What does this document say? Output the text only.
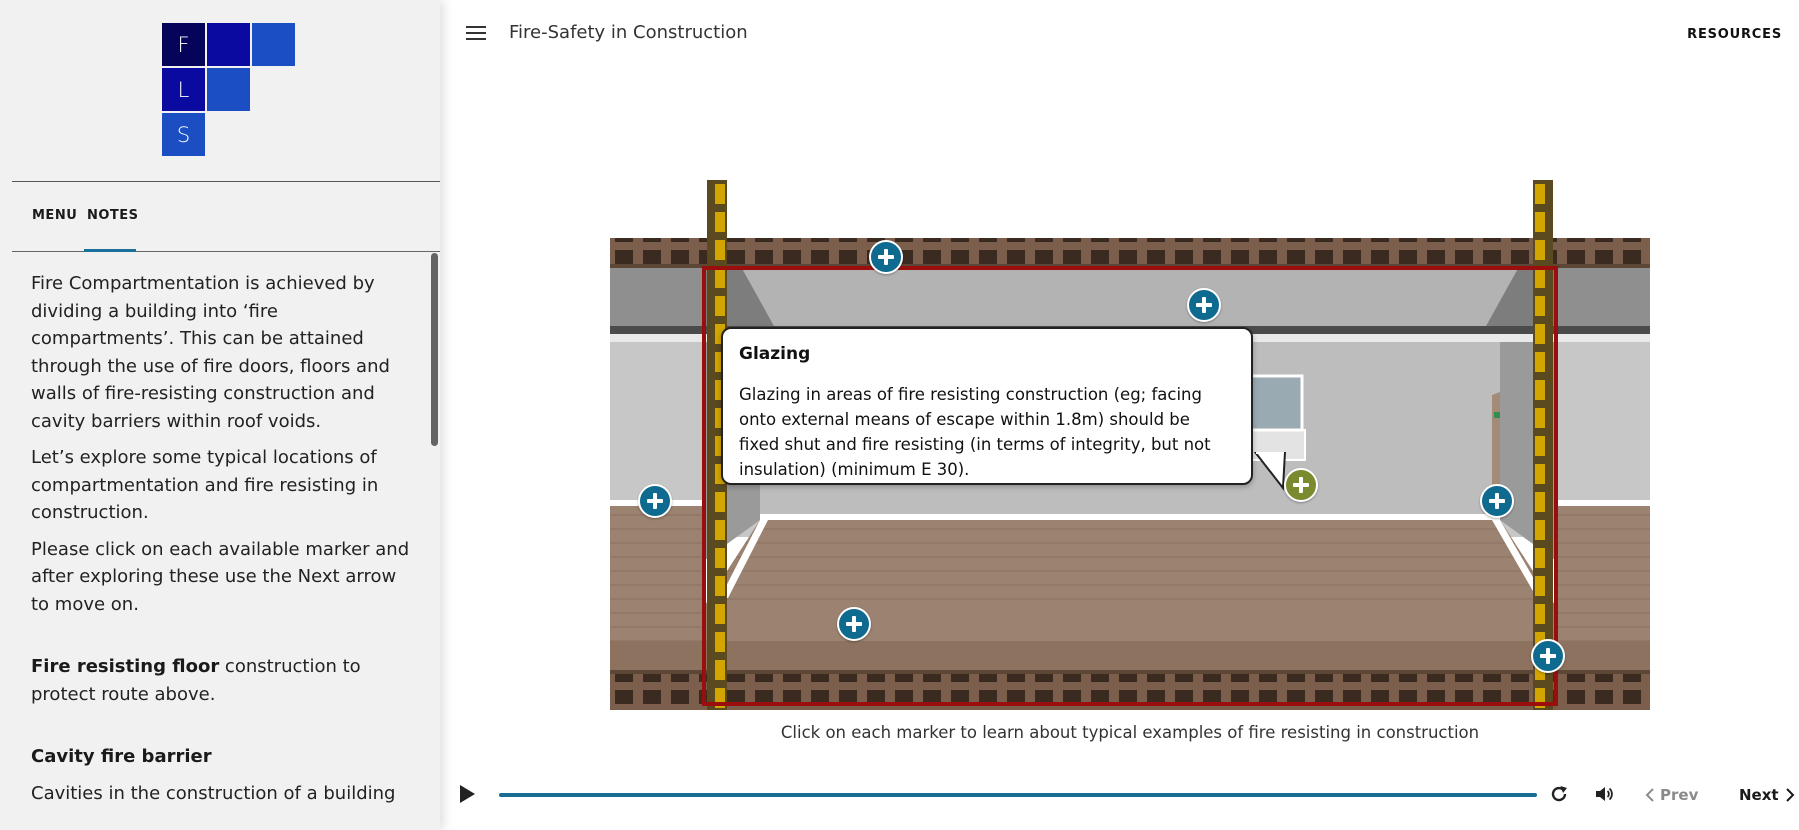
F
L
S
MENU NOTES

Fire Compartmentation is achieved by dividing a building into ‘fire compartments’. This can be attained through the use of fire doors, floors and walls of fire-resisting construction and cavity barriers within roof voids.

Let’s explore some typical locations of compartmentation and fire resisting in construction.

Please click on each available marker and after exploring these use the Next arrow to move on.

Fire resisting floor construction to protect route above.

Cavity fire barrier

Cavities in the construction of a building

Fire-Safety in Construction	RESOURCES

Glazing

Glazing in areas of fire resisting construction (eg; facing onto external means of escape within 1.8m) should be fixed shut and fire resisting (in terms of integrity, but not insulation) (minimum E 30).

Click on each marker to learn about typical examples of fire resisting in construction
Prev	Next
